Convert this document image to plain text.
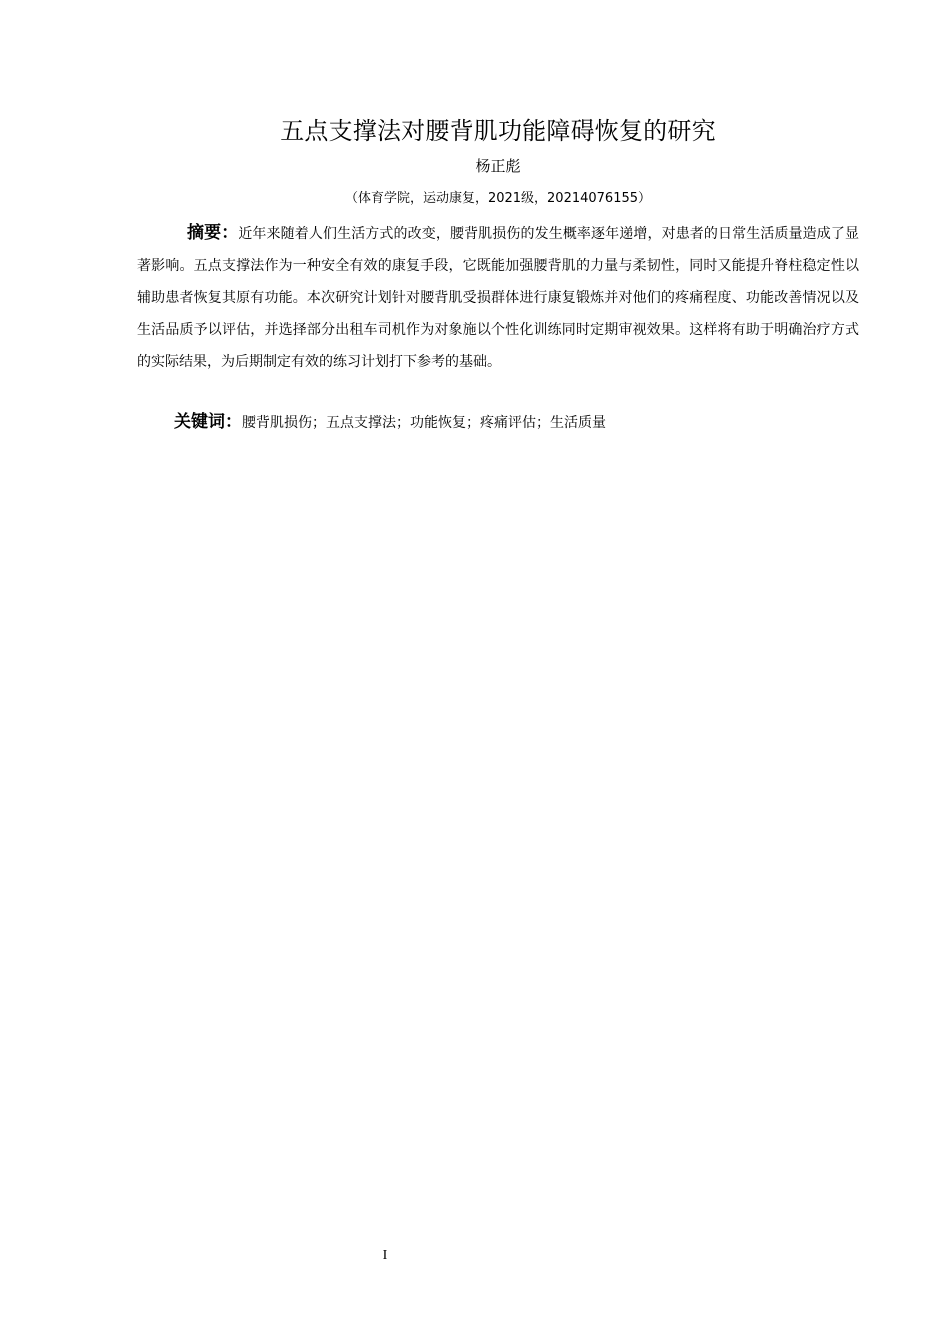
五点支撑法对腰背肌功能障碍恢复的研究
杨正彪
（体育学院，运动康复，2021级，20214076155）

摘要：近年来随着人们生活方式的改变，腰背肌损伤的发生概率逐年递增，对患者的日常生活质量造成了显著影响。五点支撑法作为一种安全有效的康复手段，它既能加强腰背肌的力量与柔韧性，同时又能提升脊柱稳定性以辅助患者恢复其原有功能。本次研究计划针对腰背肌受损群体进行康复锻炼并对他们的疼痛程度、功能改善情况以及生活品质予以评估，并选择部分出租车司机作为对象施以个性化训练同时定期审视效果。这样将有助于明确治疗方式的实际结果，为后期制定有效的练习计划打下参考的基础。

关键词：腰背肌损伤；五点支撑法；功能恢复；疼痛评估；生活质量

I
